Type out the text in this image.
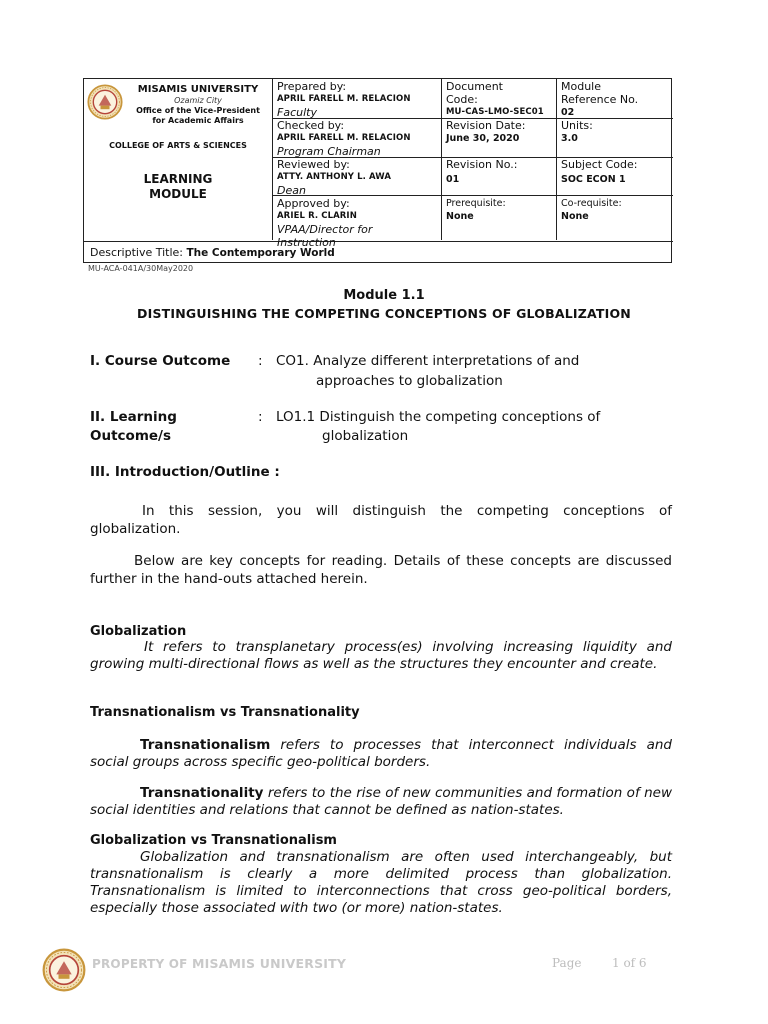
MISAMIS UNIVERSITY
Ozamiz City
Office of the Vice-President
for Academic Affairs
COLLEGE OF ARTS & SCIENCES
LEARNING
MODULE
Prepared by:
APRIL FARELL M. RELACION
Faculty
Checked by:
APRIL FARELL M. RELACION
Program Chairman
Reviewed by:
ATTY. ANTHONY L. AWA
Dean
Approved by:
ARIEL R. CLARIN
VPAA/Director for
Instruction
Document
Code:
MU-CAS-LMO-SEC01
Revision Date:
June 30, 2020
Revision No.:
01
Prerequisite:
None
Module
Reference No.
02
Units:
3.0
Subject Code:
SOC ECON 1
Co-requisite:
None
Descriptive Title: The Contemporary World
MU-ACA-041A/30May2020
Module 1.1
DISTINGUISHING THE COMPETING CONCEPTIONS OF GLOBALIZATION
I. Course Outcome : CO1. Analyze different interpretations of and
approaches to globalization
II. Learning
Outcome/s
: LO1.1 Distinguish the competing conceptions of
globalization
III. Introduction/Outline :
In this session, you will distinguish the competing conceptions of globalization.
Below are key concepts for reading. Details of these concepts are discussed further in the hand-outs attached herein.
Globalization
It refers to transplanetary process(es) involving increasing liquidity and growing multi-directional flows as well as the structures they encounter and create.
Transnationalism vs Transnationality
Transnationalism refers to processes that interconnect individuals and social groups across specific geo-political borders.
Transnationality refers to the rise of new communities and formation of new social identities and relations that cannot be defined as nation-states.
Globalization vs Transnationalism
Globalization and transnationalism are often used interchangeably, but transnationalism is clearly a more delimited process than globalization. Transnationalism is limited to interconnections that cross geo-political borders, especially those associated with two (or more) nation-states.
PROPERTY OF MISAMIS UNIVERSITY	Page	1 of 6
